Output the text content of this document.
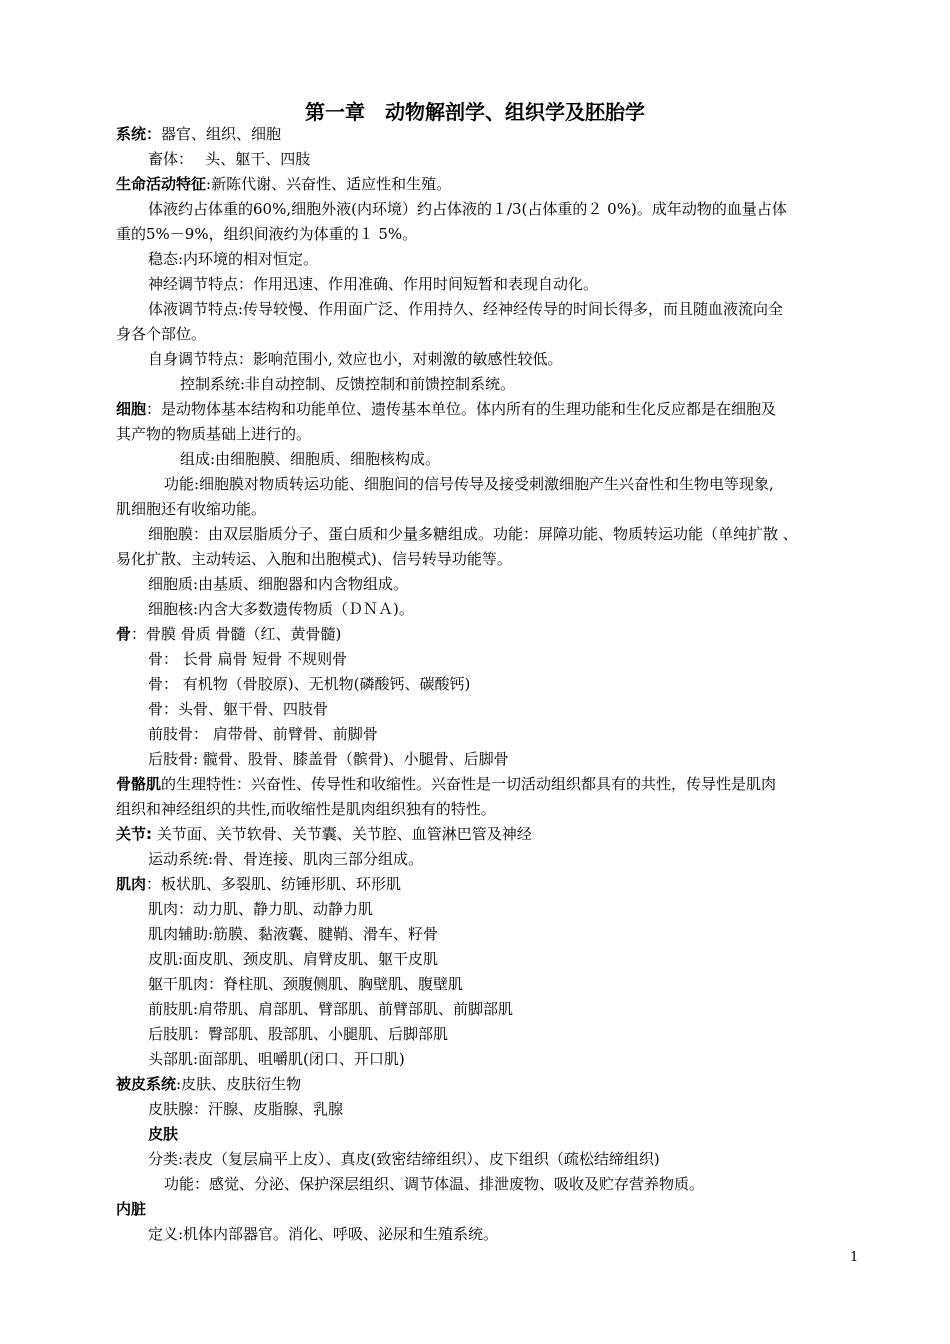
第一章　动物解剖学、组织学及胚胎学
系统：器官、组织、细胞
畜体：　 头、躯干、四肢
生命活动特征:新陈代谢、兴奋性、适应性和生殖。
体液约占体重的60%,细胞外液(内环境）约占体液的１/3(占体重的２ 0%)。成年动物的血量占体
重的5%－9%，组织间液约为体重的１ 5%。
稳态:内环境的相对恒定。
神经调节特点：作用迅速、作用准确、作用时间短暂和表现自动化。
体液调节特点:传导较慢、作用面广泛、作用持久、经神经传导的时间长得多，而且随血液流向全
身各个部位。
自身调节特点：影响范围小, 效应也小，对刺激的敏感性较低。
控制系统:非自动控制、反馈控制和前馈控制系统。
细胞：是动物体基本结构和功能单位、遗传基本单位。体内所有的生理功能和生化反应都是在细胞及
其产物的物质基础上进行的。
组成:由细胞膜、细胞质、细胞核构成。
功能:细胞膜对物质转运功能、细胞间的信号传导及接受刺激细胞产生兴奋性和生物电等现象,
肌细胞还有收缩功能。
细胞膜：由双层脂质分子、蛋白质和少量多糖组成。功能：屏障功能、物质转运功能（单纯扩散 、
易化扩散、主动转运、入胞和出胞模式)、信号转导功能等。
细胞质:由基质、细胞器和内含物组成。
细胞核:内含大多数遗传物质（ＤＮＡ)。
骨：骨膜 骨质 骨髓（红、黄骨髓)
骨： 长骨 扁骨 短骨 不规则骨
骨： 有机物（骨胶原)、无机物(磷酸钙、碳酸钙)
骨：头骨、躯干骨、四肢骨
前肢骨： 肩带骨、前臂骨、前脚骨
后肢骨: 髋骨、股骨、膝盖骨（髌骨)、小腿骨、后脚骨
骨骼肌的生理特性：兴奋性、传导性和收缩性。兴奋性是一切活动组织都具有的共性，传导性是肌肉
组织和神经组织的共性,而收缩性是肌肉组织独有的特性。
关节: 关节面、关节软骨、关节囊、关节腔、血管淋巴管及神经
运动系统:骨、骨连接、肌肉三部分组成。
肌肉：板状肌、多裂肌、纺锤形肌、环形肌
肌肉：动力肌、静力肌、动静力肌
肌肉辅助:筋膜、黏液囊、腱鞘、滑车、籽骨
皮肌:面皮肌、颈皮肌、肩臂皮肌、躯干皮肌
躯干肌肉：脊柱肌、颈腹侧肌、胸壁肌、腹壁肌
前肢肌:肩带肌、肩部肌、臂部肌、前臂部肌、前脚部肌
后肢肌：臀部肌、股部肌、小腿肌、后脚部肌
头部肌:面部肌、咀嚼肌(闭口、开口肌)
被皮系统:皮肤、皮肤衍生物
皮肤腺：汗腺、皮脂腺、乳腺
皮肤
分类:表皮（复层扁平上皮）、真皮(致密结缔组织）、皮下组织（疏松结缔组织)
功能：感觉、分泌、保护深层组织、调节体温、排泄废物、吸收及贮存营养物质。
内脏
定义:机体内部器官。消化、呼吸、泌尿和生殖系统。
1
